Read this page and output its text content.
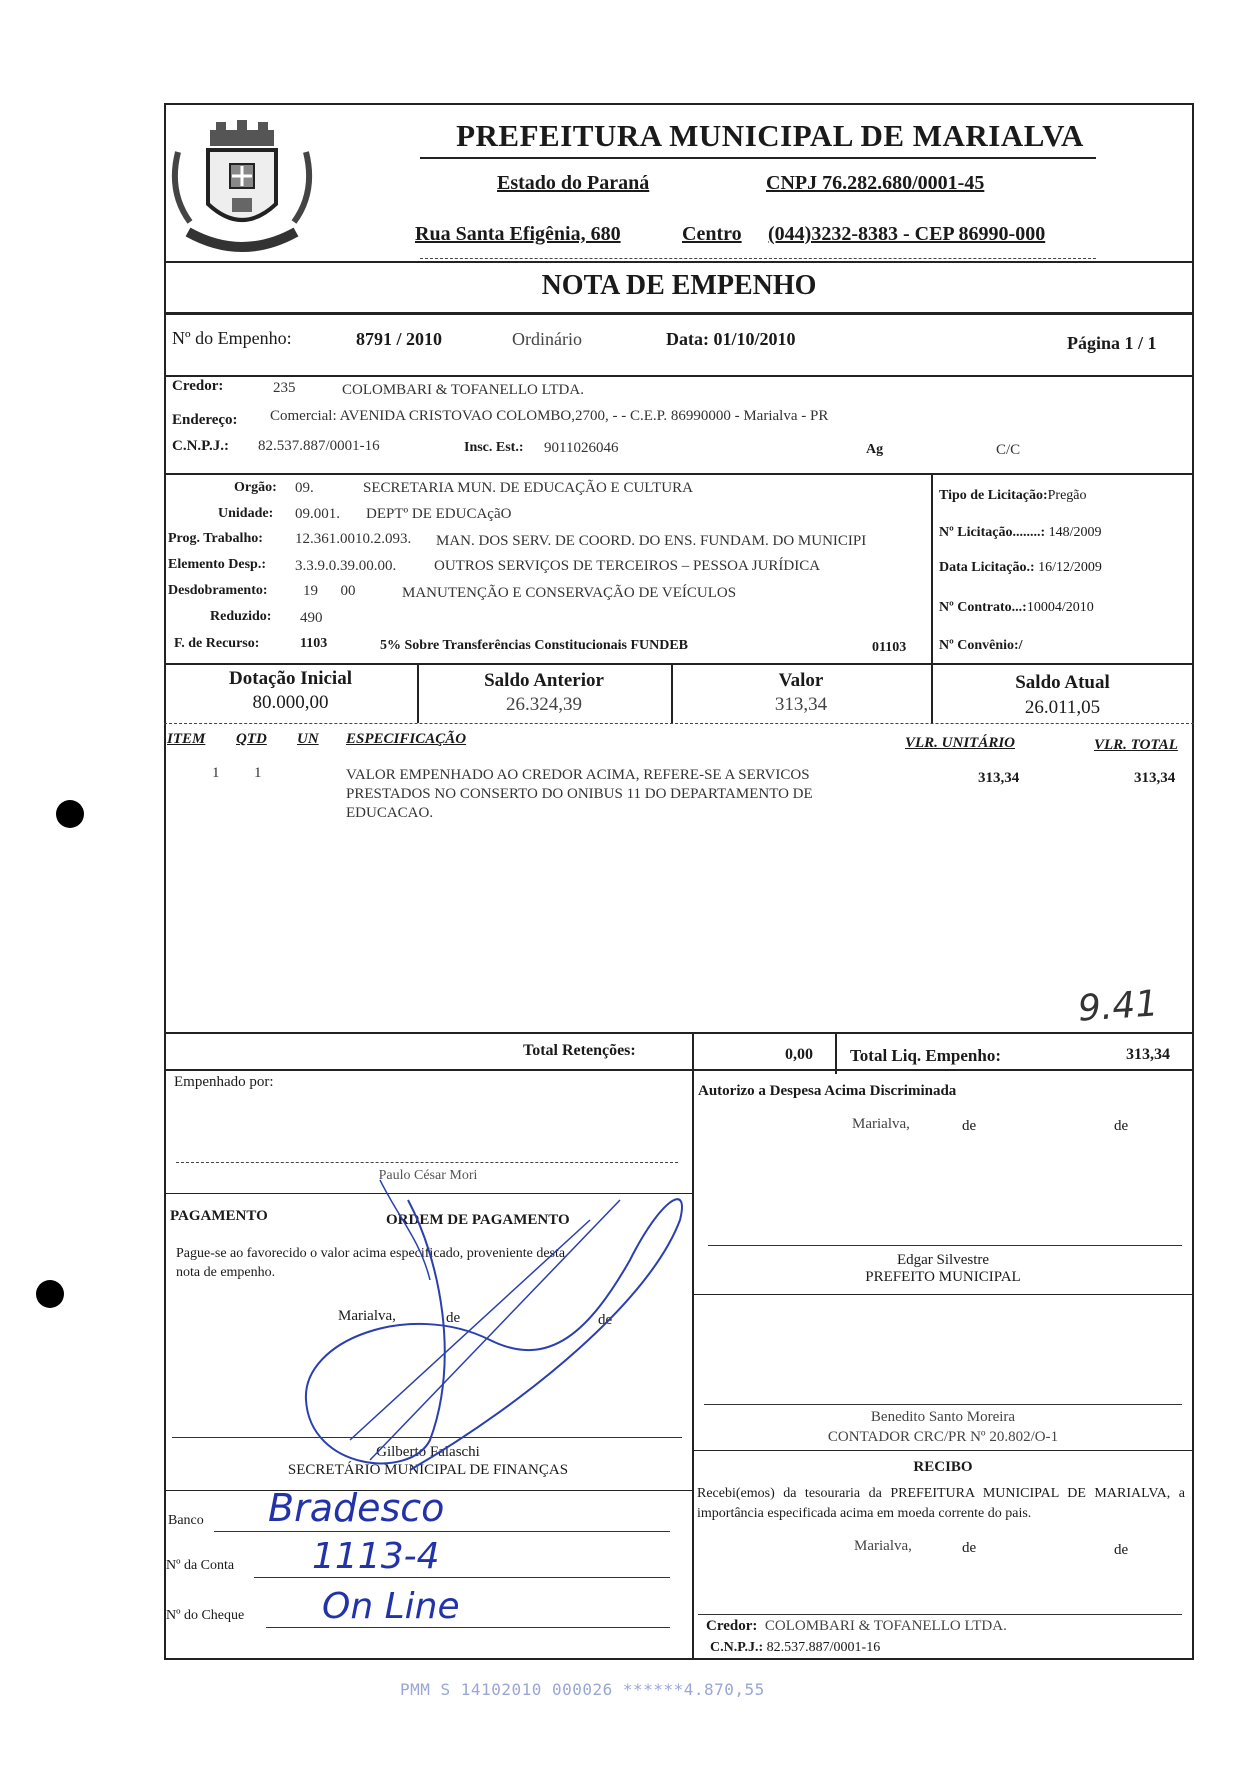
PREFEITURA MUNICIPAL DE MARIALVA
Estado do Paraná	CNPJ 76.282.680/0001-45
Rua Santa Efigênia, 680	Centro (044)3232-8383 - CEP 86990-000
NOTA DE EMPENHO
Nº do Empenho:	8791 / 2010	Ordinário	Data: 01/10/2010	Página 1 / 1
Credor:	235	COLOMBARI & TOFANELLO LTDA.
Endereço: Comercial: AVENIDA CRISTOVAO COLOMBO,2700, - - C.E.P. 86990000 - Marialva - PR
C.N.P.J.: 82.537.887/0001-16	Insc. Est.: 9011026046	Ag	C/C
Orgão: 09.	SECRETARIA MUN. DE EDUCAÇÃO E CULTURA
Unidade: 09.001. DEPTº DE EDUCAçãO
Prog. Trabalho: 12.361.0010.2.093. MAN. DOS SERV. DE COORD. DO ENS. FUNDAM. DO MUNICIPI
Elemento Desp.: 3.3.9.0.39.00.00.	OUTROS SERVIÇOS DE TERCEIROS – PESSOA JURÍDICA
Desdobramento: 19      00	MANUTENÇÃO E CONSERVAÇÃO DE VEÍCULOS
Reduzido: 490
F. de Recurso:	1103	5% Sobre Transferências Constitucionais FUNDEB	01103
Tipo de Licitação:Pregão
Nº Licitação........: 148/2009
Data Licitação.: 16/12/2009
Nº Contrato...:10004/2010
Nº Convênio:/
Dotação Inicial
80.000,00
Saldo Anterior
26.324,39
Valor
313,34
Saldo Atual
26.011,05
ITEM QTD UN ESPECIFICAÇÃO	VLR. UNITÁRIO	VLR. TOTAL
1 1	VALOR EMPENHADO AO CREDOR ACIMA, REFERE-SE A SERVICOS
PRESTADOS NO CONSERTO DO ONIBUS 11 DO DEPARTAMENTO DE
EDUCACAO.
313,34	313,34
9.41
Total Retenções:	0,00 Total Liq. Empenho:	313,34
Empenhado por:
Paulo César Mori
PAGAMENTO	ORDEM DE PAGAMENTO
Pague-se ao favorecido o valor acima especificado, proveniente desta
nota de empenho.
Marialva,	de	de
Gilberto Falaschi
SECRETÁRIO MUNICIPAL DE FINANÇAS
Banco Bradesco
Nº da Conta 1113-4
Nº do Cheque On Line
Autorizo a Despesa Acima Discriminada
Marialva,	de	de
Edgar Silvestre
PREFEITO MUNICIPAL
Benedito Santo Moreira
CONTADOR CRC/PR Nº 20.802/O-1
RECIBO
Recebi(emos) da tesouraria da PREFEITURA MUNICIPAL DE MARIALVA, a importância especificada acima em moeda corrente do pais.
Marialva,	de	de
Credor: COLOMBARI & TOFANELLO LTDA.
C.N.P.J.: 82.537.887/0001-16
PMM S 14102010 000026 ******4.870,55
